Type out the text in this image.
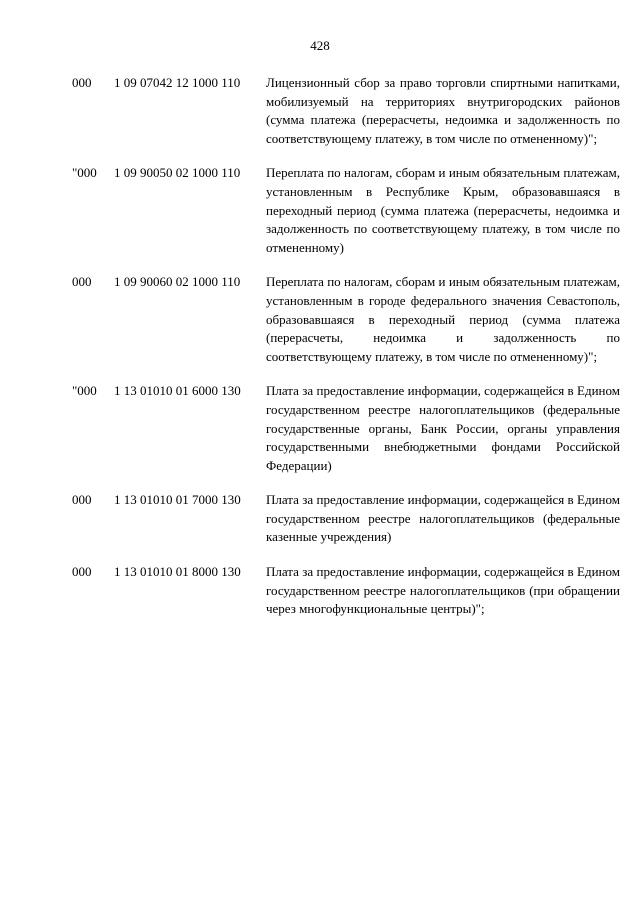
428
000	1 09 07042 12 1000 110	Лицензионный сбор за право торговли спиртными напитками, мобилизуемый на территориях внутригородских районов (сумма платежа (перерасчеты, недоимка и задолженность по соответствующему платежу, в том числе по отмененному)";
"000	1 09 90050 02 1000 110	Переплата по налогам, сборам и иным обязательным платежам, установленным в Республике Крым, образовавшаяся в переходный период (сумма платежа (перерасчеты, недоимка и задолженность по соответствующему платежу, в том числе по отмененному)
000	1 09 90060 02 1000 110	Переплата по налогам, сборам и иным обязательным платежам, установленным в городе федерального значения Севастополь, образовавшаяся в переходный период (сумма платежа (перерасчеты, недоимка и задолженность по соответствующему платежу, в том числе по отмененному)";
"000	1 13 01010 01 6000 130	Плата за предоставление информации, содержащейся в Едином государственном реестре налогоплательщиков (федеральные государственные органы, Банк России, органы управления государственными внебюджетными фондами Российской Федерации)
000	1 13 01010 01 7000 130	Плата за предоставление информации, содержащейся в Едином государственном реестре налогоплательщиков (федеральные казенные учреждения)
000	1 13 01010 01 8000 130	Плата за предоставление информации, содержащейся в Едином государственном реестре налогоплательщиков (при обращении через многофункциональные центры)";
